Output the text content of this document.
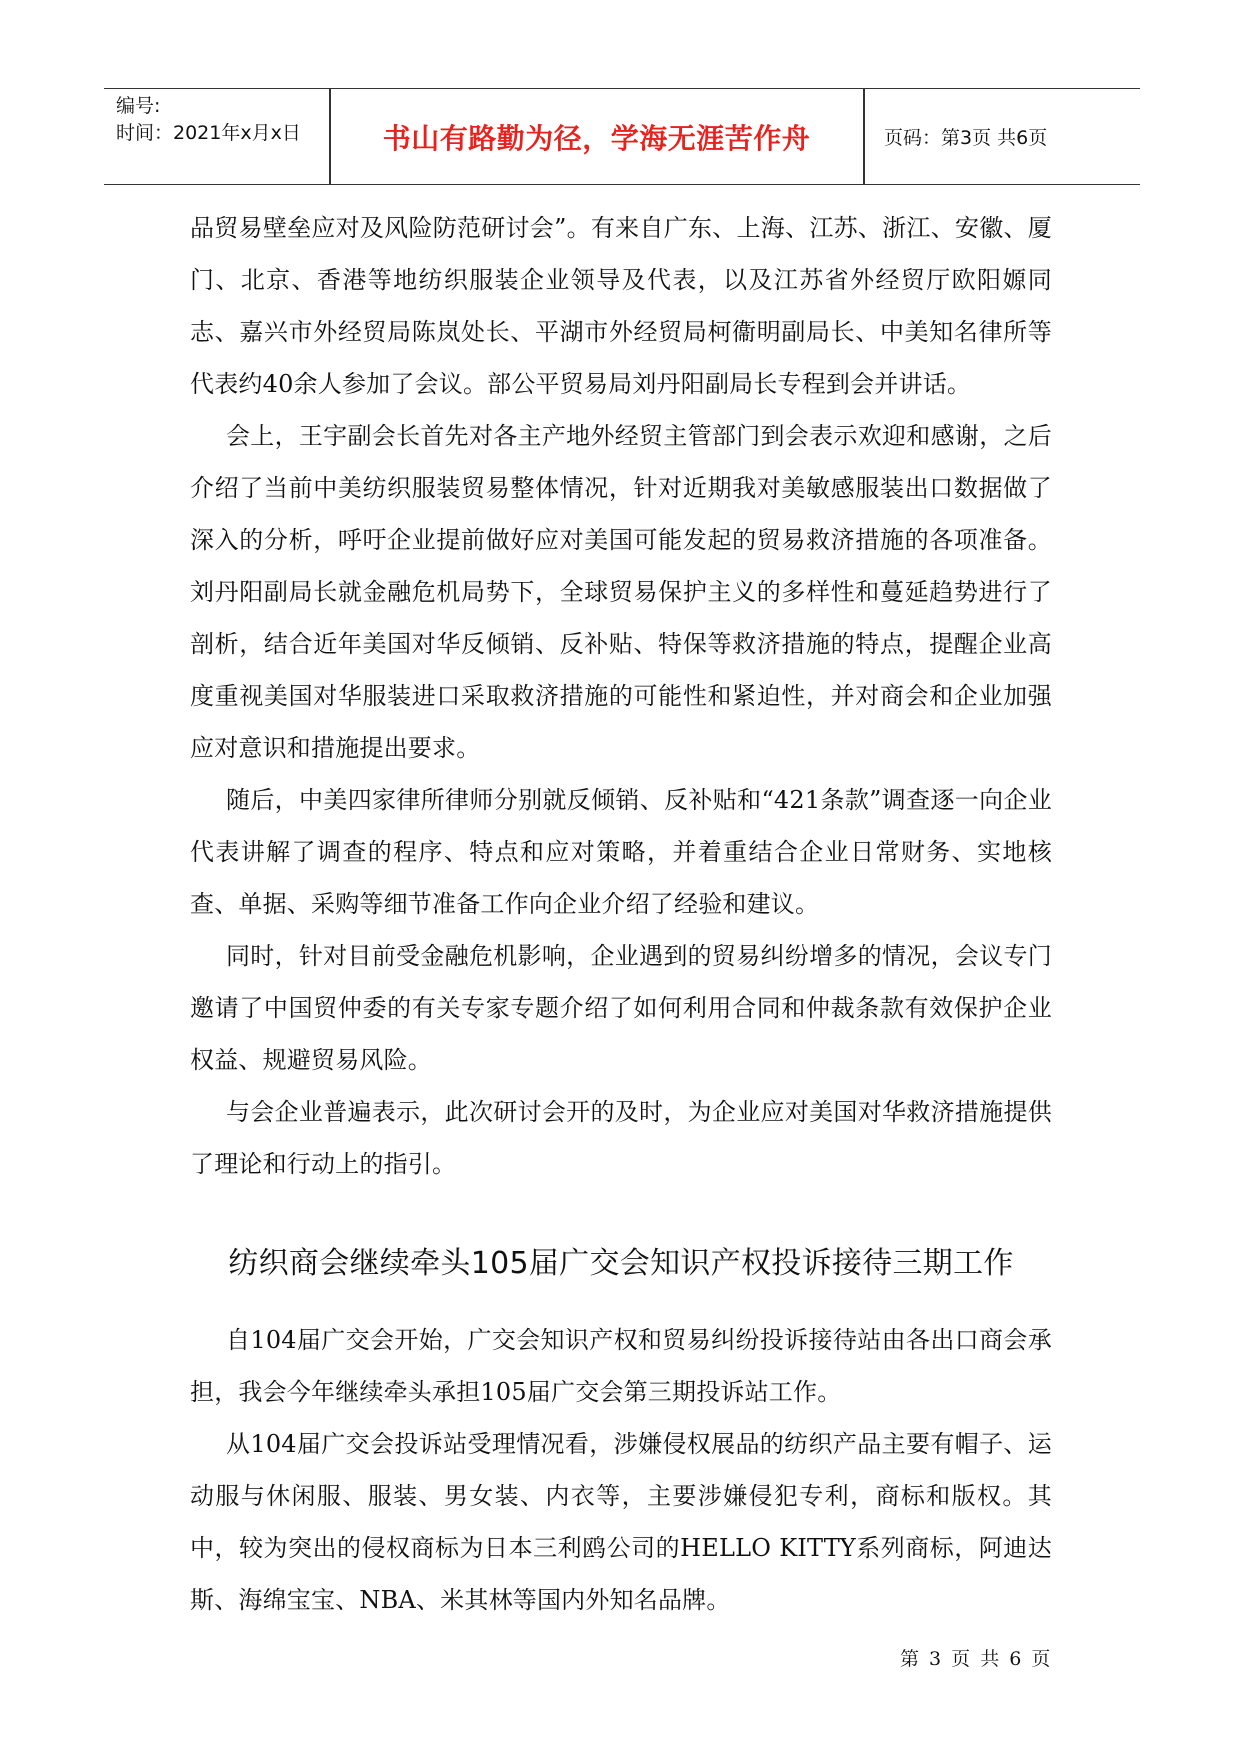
编号:
时间：2021年x月x日	书山有路勤为径，学海无涯苦作舟	页码：第3页 共6页

品贸易壁垒应对及风险防范研讨会”。有来自广东、上海、江苏、浙江、安徽、厦门、北京、香港等地纺织服装企业领导及代表，以及江苏省外经贸厅欧阳嫄同志、嘉兴市外经贸局陈岚处长、平湖市外经贸局柯衞明副局长、中美知名律所等代表约40余人参加了会议。部公平贸易局刘丹阳副局长专程到会并讲话。

会上，王宇副会长首先对各主产地外经贸主管部门到会表示欢迎和感谢，之后介绍了当前中美纺织服装贸易整体情况，针对近期我对美敏感服装出口数据做了深入的分析，呼吁企业提前做好应对美国可能发起的贸易救济措施的各项准备。刘丹阳副局长就金融危机局势下，全球贸易保护主义的多样性和蔓延趋势进行了剖析，结合近年美国对华反倾销、反补贴、特保等救济措施的特点，提醒企业高度重视美国对华服装进口采取救济措施的可能性和紧迫性，并对商会和企业加强应对意识和措施提出要求。

随后，中美四家律所律师分别就反倾销、反补贴和“421条款”调查逐一向企业代表讲解了调查的程序、特点和应对策略，并着重结合企业日常财务、实地核查、单据、采购等细节准备工作向企业介绍了经验和建议。

同时，针对目前受金融危机影响，企业遇到的贸易纠纷增多的情况，会议专门邀请了中国贸仲委的有关专家专题介绍了如何利用合同和仲裁条款有效保护企业权益、规避贸易风险。

与会企业普遍表示，此次研讨会开的及时，为企业应对美国对华救济措施提供了理论和行动上的指引。

纺织商会继续牵头105届广交会知识产权投诉接待三期工作

自104届广交会开始，广交会知识产权和贸易纠纷投诉接待站由各出口商会承担，我会今年继续牵头承担105届广交会第三期投诉站工作。

从104届广交会投诉站受理情况看，涉嫌侵权展品的纺织产品主要有帽子、运动服与休闲服、服装、男女装、内衣等，主要涉嫌侵犯专利，商标和版权。其中，较为突出的侵权商标为日本三利鸥公司的HELLO KITTY系列商标，阿迪达斯、海绵宝宝、NBA、米其林等国内外知名品牌。

第 3 页 共 6 页
